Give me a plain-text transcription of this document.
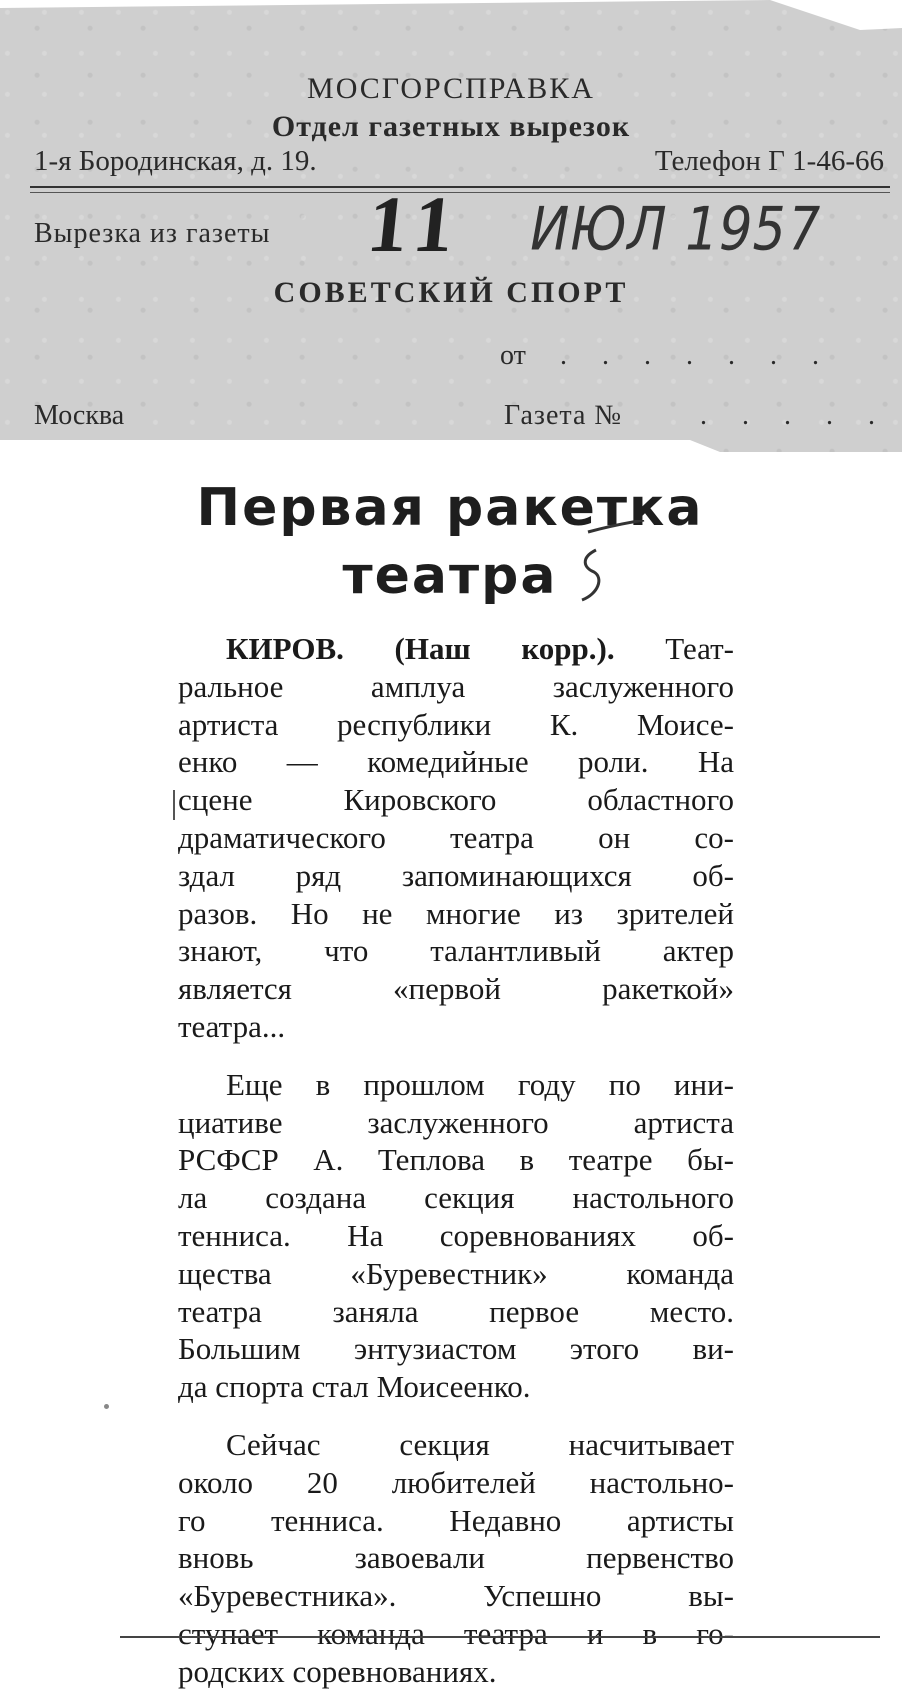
МОСГОРСПРАВКА
Отдел газетных вырезок
1-я Бородинская, д. 19.	Телефон Г 1-46-66
Вырезка из газеты 11 ИЮЛ 1957
СОВЕТСКИЙ СПОРТ
от . . . . . . .
Москва	Газета №	. . . . .
Первая ракетка
театра

КИРОВ. (Наш корр.). Теат-

ральное амплуа заслуженного

артиста республики К. Моисе-

енко — комедийные роли. На

сцене Кировского областного

драматического театра он со-

здал ряд запоминающихся об-

разов. Но не многие из зрителей

знают, что талантливый актер

является «первой ракеткой»

театра...

Еще в прошлом году по ини-

циативе заслуженного артиста

РСФСР А. Теплова в театре бы-

ла создана секция настольного

тенниса. На соревнованиях об-

щества «Буревестник» команда

театра заняла первое место.

Большим энтузиастом этого ви-

да спорта стал Моисеенко.

Сейчас секция насчитывает

около 20 любителей настольно-

го тенниса. Недавно артисты

вновь завоевали первенство

«Буревестника». Успешно вы-

ступает команда театра и в го-

родских соревнованиях.
